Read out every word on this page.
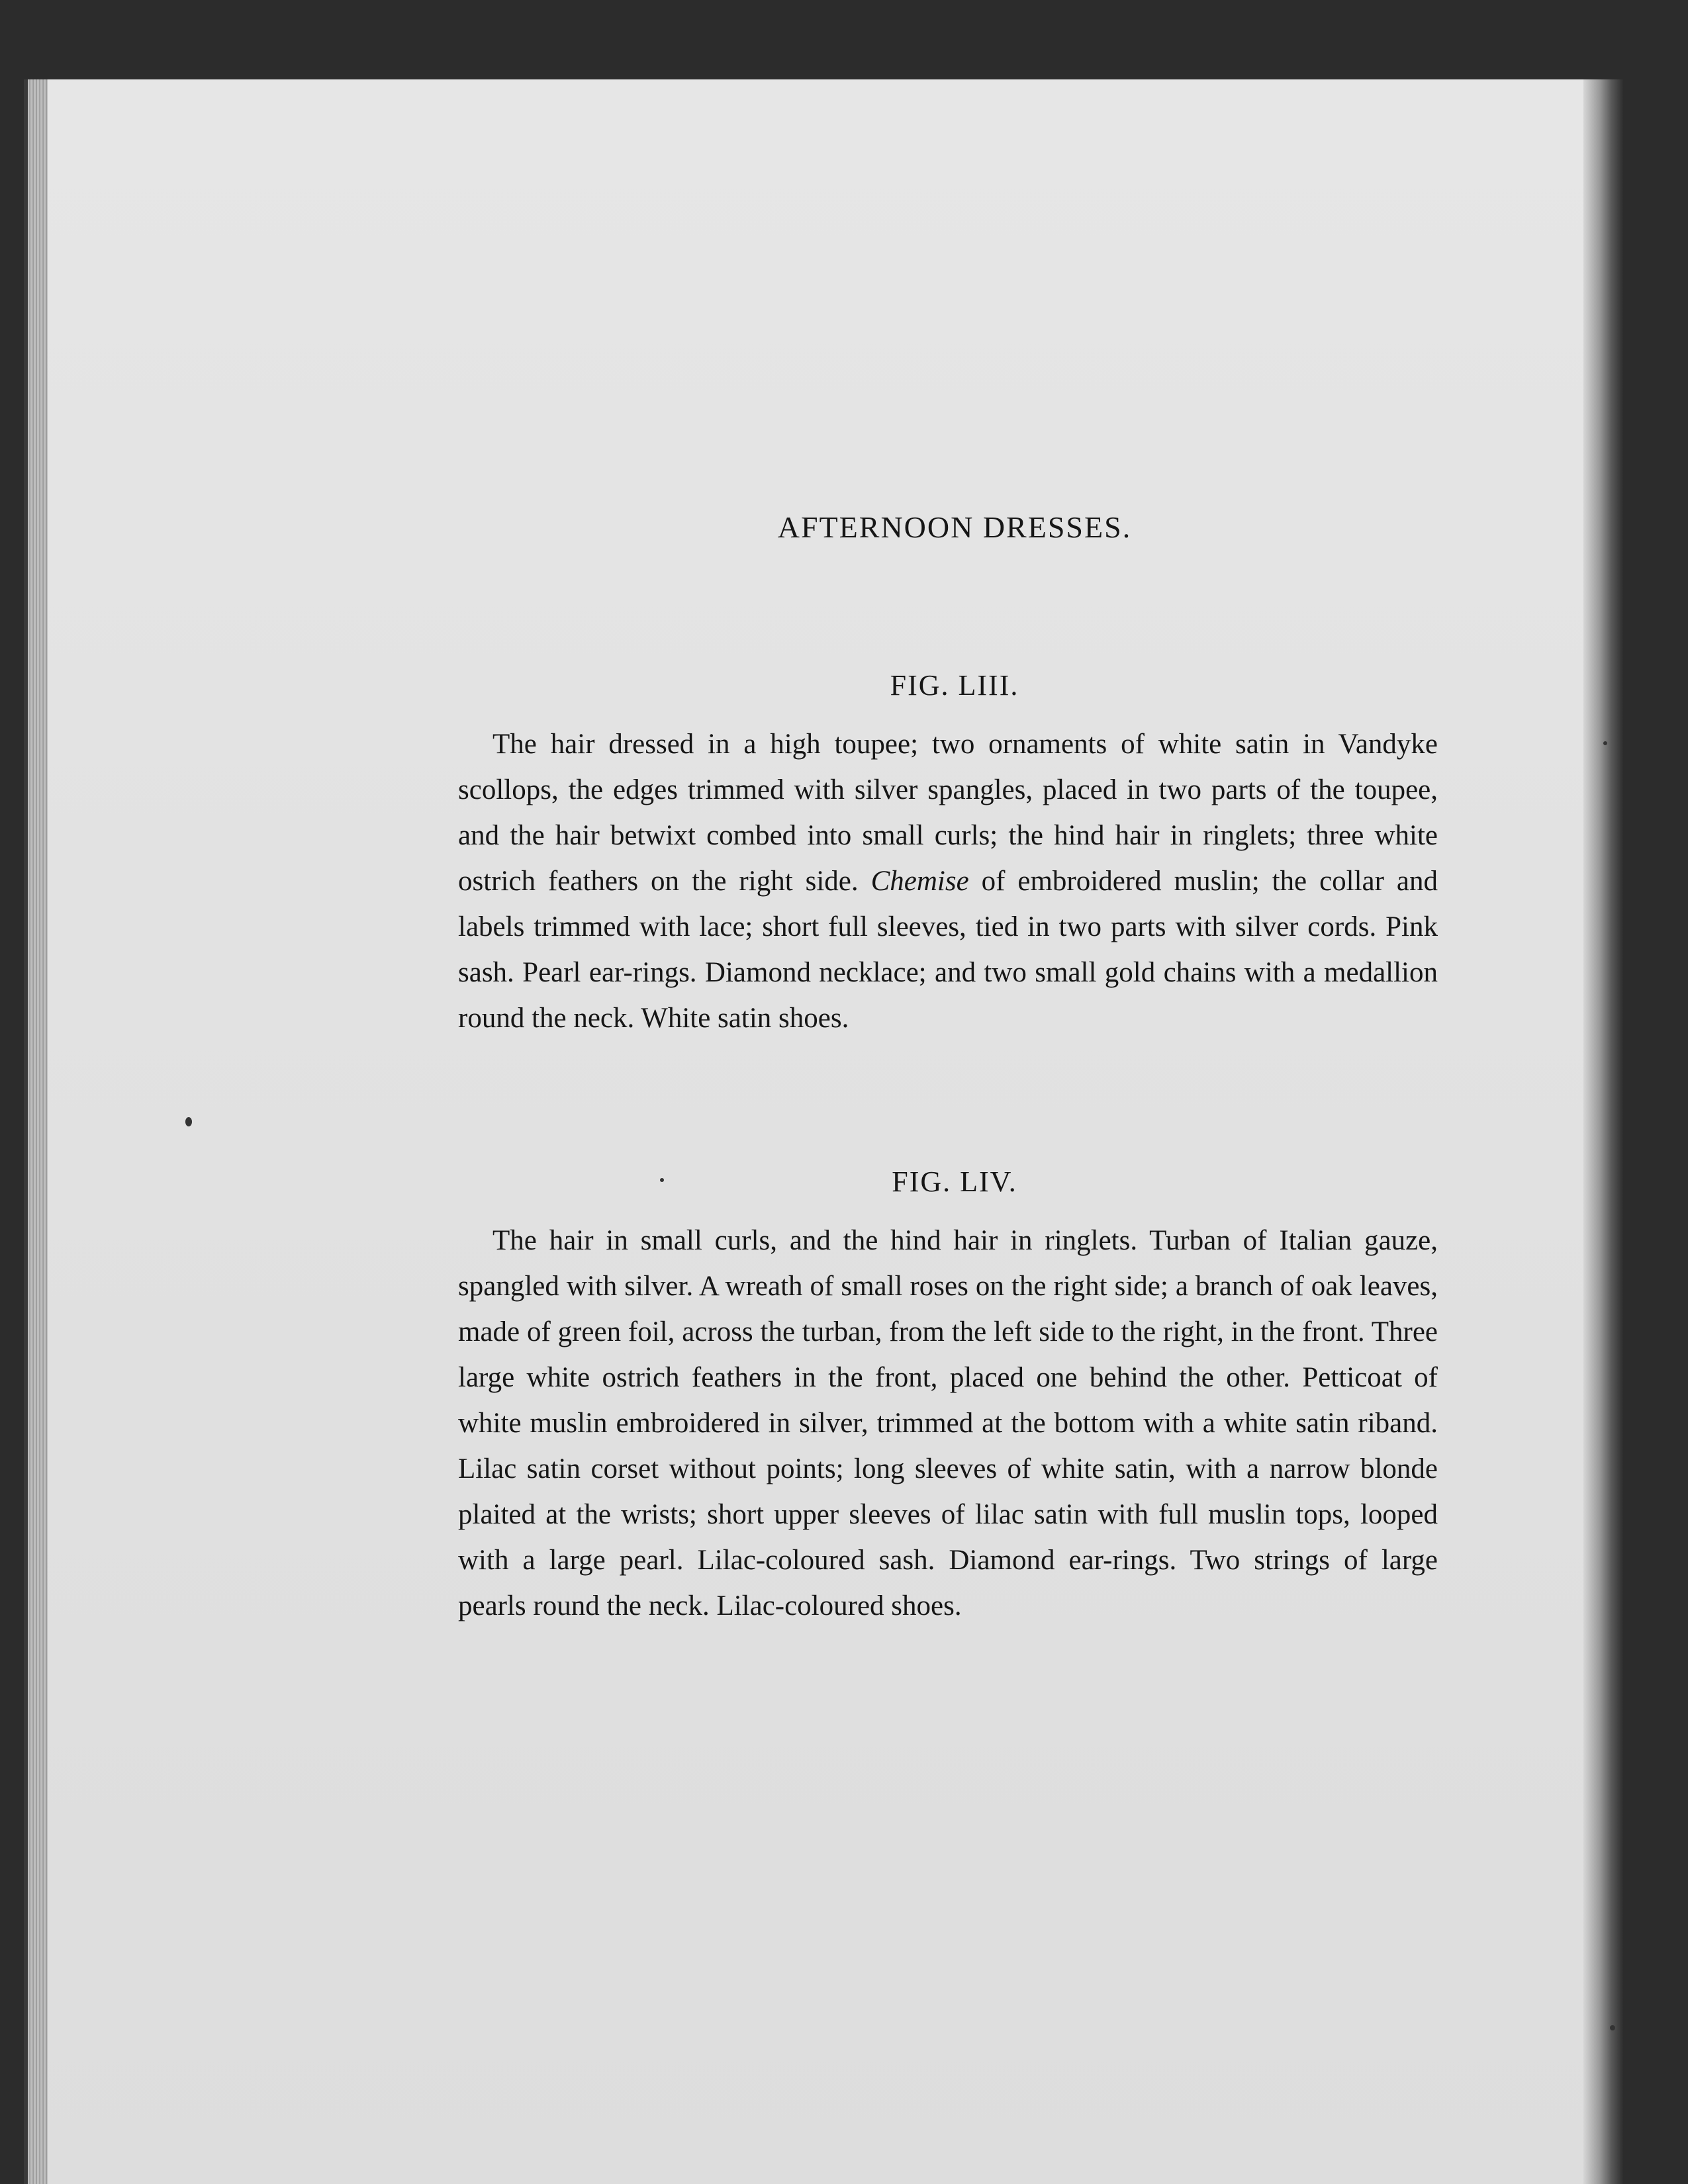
AFTERNOON DRESSES.
FIG. LIII.

The hair dressed in a high toupee; two ornaments of white satin in Vandyke scollops, the edges trimmed with silver spangles, placed in two parts of the toupee, and the hair betwixt combed into small curls; the hind hair in ringlets; three white ostrich feathers on the right side. Chemise of embroidered muslin; the collar and labels trimmed with lace; short full sleeves, tied in two parts with silver cords. Pink sash. Pearl ear-rings. Diamond necklace; and two small gold chains with a medallion round the neck. White satin shoes.

FIG. LIV.

The hair in small curls, and the hind hair in ringlets. Turban of Italian gauze, spangled with silver. A wreath of small roses on the right side; a branch of oak leaves, made of green foil, across the turban, from the left side to the right, in the front. Three large white ostrich feathers in the front, placed one behind the other. Petticoat of white muslin embroidered in silver, trimmed at the bottom with a white satin riband. Lilac satin corset without points; long sleeves of white satin, with a narrow blonde plaited at the wrists; short upper sleeves of lilac satin with full muslin tops, looped with a large pearl. Lilac-coloured sash. Diamond ear-rings. Two strings of large pearls round the neck. Lilac-coloured shoes.
